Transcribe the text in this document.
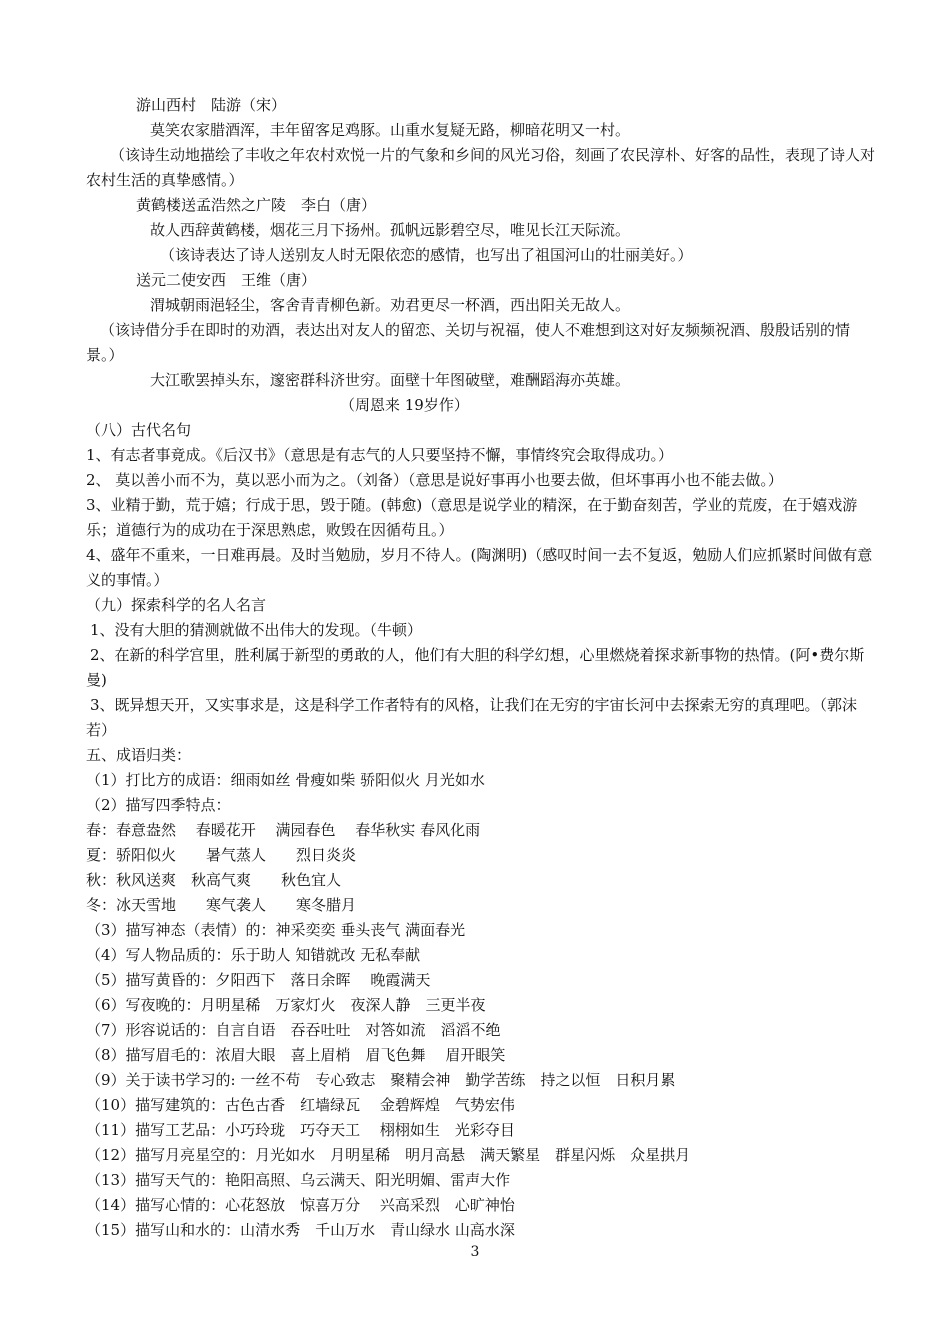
游山西村　陆游（宋）
莫笑农家腊酒浑，丰年留客足鸡豚。山重水复疑无路，柳暗花明又一村。
（该诗生动地描绘了丰收之年农村欢悦一片的气象和乡间的风光习俗，刻画了农民淳朴、好客的品性，表现了诗人对农村生活的真挚感情。）
黄鹤楼送孟浩然之广陵　李白（唐）
故人西辞黄鹤楼，烟花三月下扬州。孤帆远影碧空尽，唯见长江天际流。
（该诗表达了诗人送别友人时无限依恋的感情，也写出了祖国河山的壮丽美好。）
送元二使安西　王维（唐）
渭城朝雨浥轻尘，客舍青青柳色新。劝君更尽一杯酒，西出阳关无故人。
（该诗借分手在即时的劝酒，表达出对友人的留恋、关切与祝福，使人不难想到这对好友频频祝酒、殷殷话别的情景。）
大江歌罢掉头东，邃密群科济世穷。面壁十年图破壁，难酬蹈海亦英雄。
（周恩来 19岁作）
（八）古代名句
1、有志者事竟成。《后汉书》（意思是有志气的人只要坚持不懈，事情终究会取得成功。）
2、 莫以善小而不为，莫以恶小而为之。（刘备）（意思是说好事再小也要去做，但坏事再小也不能去做。）
3、业精于勤，荒于嬉；行成于思，毁于随。(韩愈)（意思是说学业的精深，在于勤奋刻苦，学业的荒废，在于嬉戏游乐；道德行为的成功在于深思熟虑，败毁在因循苟且。）
4、盛年不重来，一日难再晨。及时当勉励，岁月不待人。(陶渊明)（感叹时间一去不复返，勉励人们应抓紧时间做有意义的事情。）
（九）探索科学的名人名言
1、没有大胆的猜测就做不出伟大的发现。（牛顿）
2、在新的科学宫里，胜利属于新型的勇敢的人，他们有大胆的科学幻想，心里燃烧着探求新事物的热情。(阿•费尔斯曼)
3、既异想天开，又实事求是，这是科学工作者特有的风格，让我们在无穷的宇宙长河中去探索无穷的真理吧。（郭沫若）
五、成语归类：
（1）打比方的成语：细雨如丝 骨瘦如柴 骄阳似火 月光如水
（2）描写四季特点：
春：春意盎然　 春暖花开　 满园春色　 春华秋实 春风化雨
夏：骄阳似火　　暑气蒸人　　烈日炎炎
秋：秋风送爽　秋高气爽　　秋色宜人
冬：冰天雪地　　寒气袭人　　寒冬腊月
（3）描写神态（表情）的：神采奕奕 垂头丧气 满面春光
（4）写人物品质的：乐于助人 知错就改 无私奉献
（5）描写黄昏的：夕阳西下　落日余晖　 晚霞满天
（6）写夜晚的：月明星稀　万家灯火　夜深人静　三更半夜
（7）形容说话的：自言自语　吞吞吐吐　对答如流　滔滔不绝
（8）描写眉毛的：浓眉大眼　喜上眉梢　眉飞色舞　 眉开眼笑
（9）关于读书学习的: 一丝不苟　专心致志　聚精会神　勤学苦练　持之以恒　日积月累
（10）描写建筑的：古色古香　红墙绿瓦　 金碧辉煌　气势宏伟
（11）描写工艺品：小巧玲珑　巧夺天工　 栩栩如生　光彩夺目
（12）描写月亮星空的：月光如水　月明星稀　明月高悬　满天繁星　群星闪烁　众星拱月
（13）描写天气的：艳阳高照、乌云满天、阳光明媚、雷声大作
（14）描写心情的：心花怒放　惊喜万分　 兴高采烈　心旷神怡
（15）描写山和水的：山清水秀　千山万水　青山绿水 山高水深
3
